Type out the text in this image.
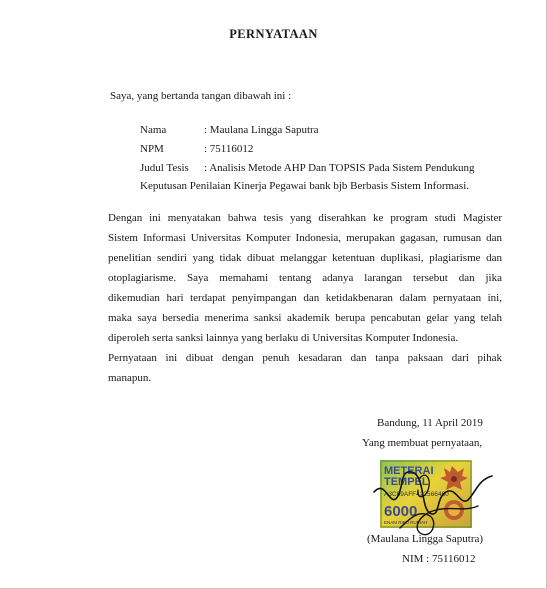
PERNYATAAN
Saya, yang bertanda tangan dibawah ini :
Nama	: Maulana Lingga Saputra
NPM	: 75116012
Judul Tesis : Analisis Metode AHP Dan TOPSIS Pada Sistem Pendukung
Keputusan Penilaian Kinerja Pegawai bank bjb Berbasis Sistem Informasi.
Dengan ini menyatakan bahwa tesis yang diserahkan ke program studi Magister
Sistem Informasi Universitas Komputer Indonesia, merupakan gagasan, rumusan dan
penelitian sendiri yang tidak dibuat melanggar ketentuan duplikasi, plagiarisme dan
otoplagiarisme. Saya memahami tentang adanya larangan tersebut dan jika
dikemudian hari terdapat penyimpangan dan ketidakbenaran dalam pernyataan ini,
maka saya bersedia menerima sanksi akademik berupa pencabutan gelar yang telah
diperoleh serta sanksi lainnya yang berlaku di Universitas Komputer Indonesia.
Pernyataan ini dibuat dengan penuh kesadaran dan tanpa paksaan dari pihak
manapun.
Bandung, 11 April 2019
Yang membuat pernyataan,
METERAI
TEMPEL
A3C69AFF422566460
6000
ENAM RIBU RUPIAH
(Maulana Lingga Saputra)
NIM : 75116012
